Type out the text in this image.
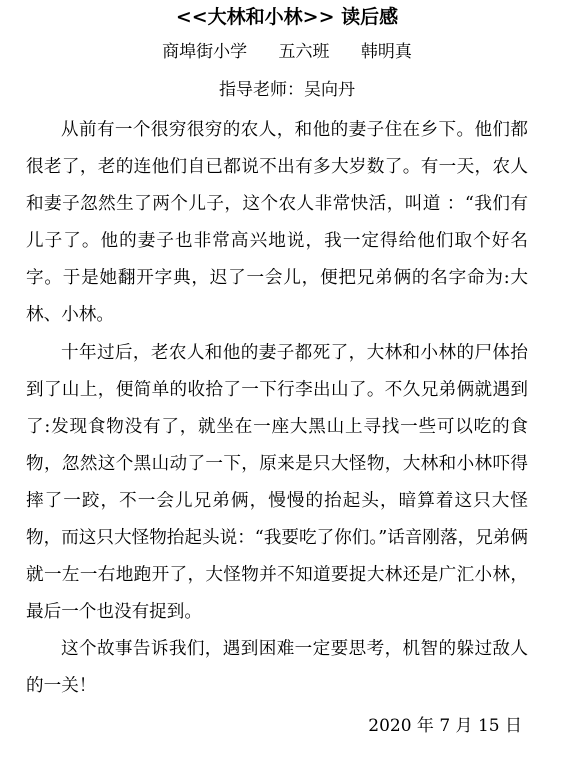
<<大林和小林>> 读后感
商埠街小学 五六班 韩明真
指导老师：吴向丹

从前有一个很穷很穷的农人，和他的妻子住在乡下。他们都很老了，老的连他们自已都说不出有多大岁数了。有一天，农人和妻子忽然生了两个儿子，这个农人非常快活，叫道 ：“我们有儿子了。他的妻子也非常高兴地说，我一定得给他们取个好名字。于是她翻开字典，迟了一会儿，便把兄弟俩的名字命为:大林、小林。

十年过后，老农人和他的妻子都死了，大林和小林的尸体抬到了山上，便简单的收拾了一下行李出山了。不久兄弟俩就遇到了:发现食物没有了，就坐在一座大黑山上寻找一些可以吃的食物，忽然这个黑山动了一下，原来是只大怪物，大林和小林吓得摔了一跤，不一会儿兄弟俩，慢慢的抬起头，暗算着这只大怪物，而这只大怪物抬起头说：“我要吃了你们。”话音刚落，兄弟俩就一左一右地跑开了，大怪物并不知道要捉大林还是广汇小林，最后一个也没有捉到。

这个故事告诉我们，遇到困难一定要思考，机智的躲过敌人的一关！

2020 年 7 月 15 日
